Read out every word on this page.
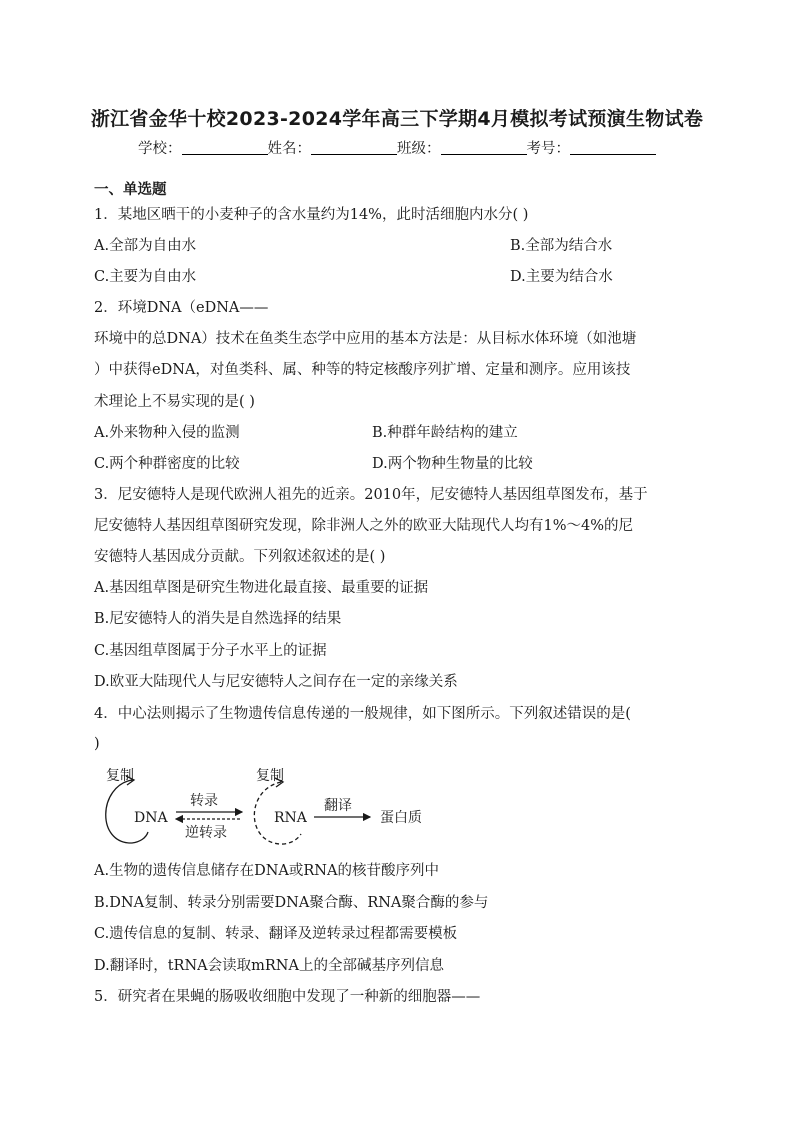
浙江省金华十校2023-2024学年高三下学期4月模拟考试预演生物试卷
学校：	姓名：	班级：	考号：
一、单选题
1．某地区晒干的小麦种子的含水量约为14%，此时活细胞内水分( )
A.全部为自由水	B.全部为结合水
C.主要为自由水	D.主要为结合水
2．环境DNA（eDNA——
环境中的总DNA）技术在鱼类生态学中应用的基本方法是：从目标水体环境（如池塘
）中获得eDNA，对鱼类科、属、种等的特定核酸序列扩增、定量和测序。应用该技
术理论上不易实现的是( )
A.外来物种入侵的监测	B.种群年龄结构的建立
C.两个种群密度的比较	D.两个物种生物量的比较
3．尼安德特人是现代欧洲人祖先的近亲。2010年，尼安德特人基因组草图发布，基于
尼安德特人基因组草图研究发现，除非洲人之外的欧亚大陆现代人均有1%～4%的尼
安德特人基因成分贡献。下列叙述叙述的是( )
A.基因组草图是研究生物进化最直接、最重要的证据
B.尼安德特人的消失是自然选择的结果
C.基因组草图属于分子水平上的证据
D.欧亚大陆现代人与尼安德特人之间存在一定的亲缘关系
4．中心法则揭示了生物遗传信息传递的一般规律，如下图所示。下列叙述错误的是(
)
复制
DNA
转录
逆转录
复制
RNA
翻译
蛋白质
A.生物的遗传信息储存在DNA或RNA的核苷酸序列中
B.DNA复制、转录分别需要DNA聚合酶、RNA聚合酶的参与
C.遗传信息的复制、转录、翻译及逆转录过程都需要模板
D.翻译时，tRNA会读取mRNA上的全部碱基序列信息
5．研究者在果蝇的肠吸收细胞中发现了一种新的细胞器——
